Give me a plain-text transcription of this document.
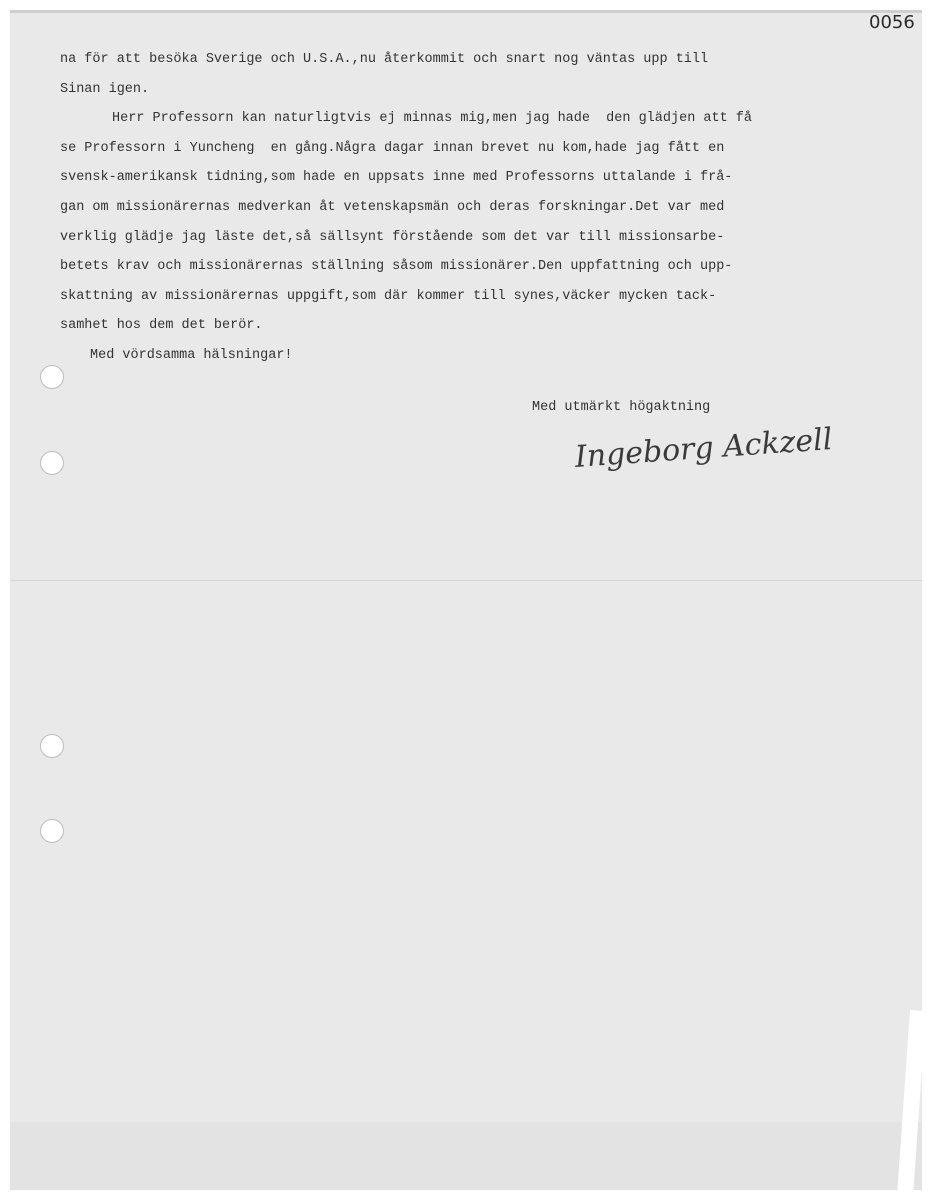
0056

na för att besöka Sverige och U.S.A.,nu återkommit och snart nog väntas upp till
Sinan igen.
Herr Professorn kan naturligtvis ej minnas mig,men jag hade  den glädjen att få
se Professorn i Yuncheng  en gång.Några dagar innan brevet nu kom,hade jag fått en
svensk-amerikansk tidning,som hade en uppsats inne med Professorns uttalande i frå-
gan om missionärernas medverkan åt vetenskapsmän och deras forskningar.Det var med
verklig glädje jag läste det,så sällsynt förstående som det var till missionsarbe-
betets krav och missionärernas ställning såsom missionärer.Den uppfattning och upp-
skattning av missionärernas uppgift,som där kommer till synes,väcker mycken tack-
samhet hos dem det berör.
Med vördsamma hälsningar!

Med utmärkt högaktning

Ingeborg Ackzell
